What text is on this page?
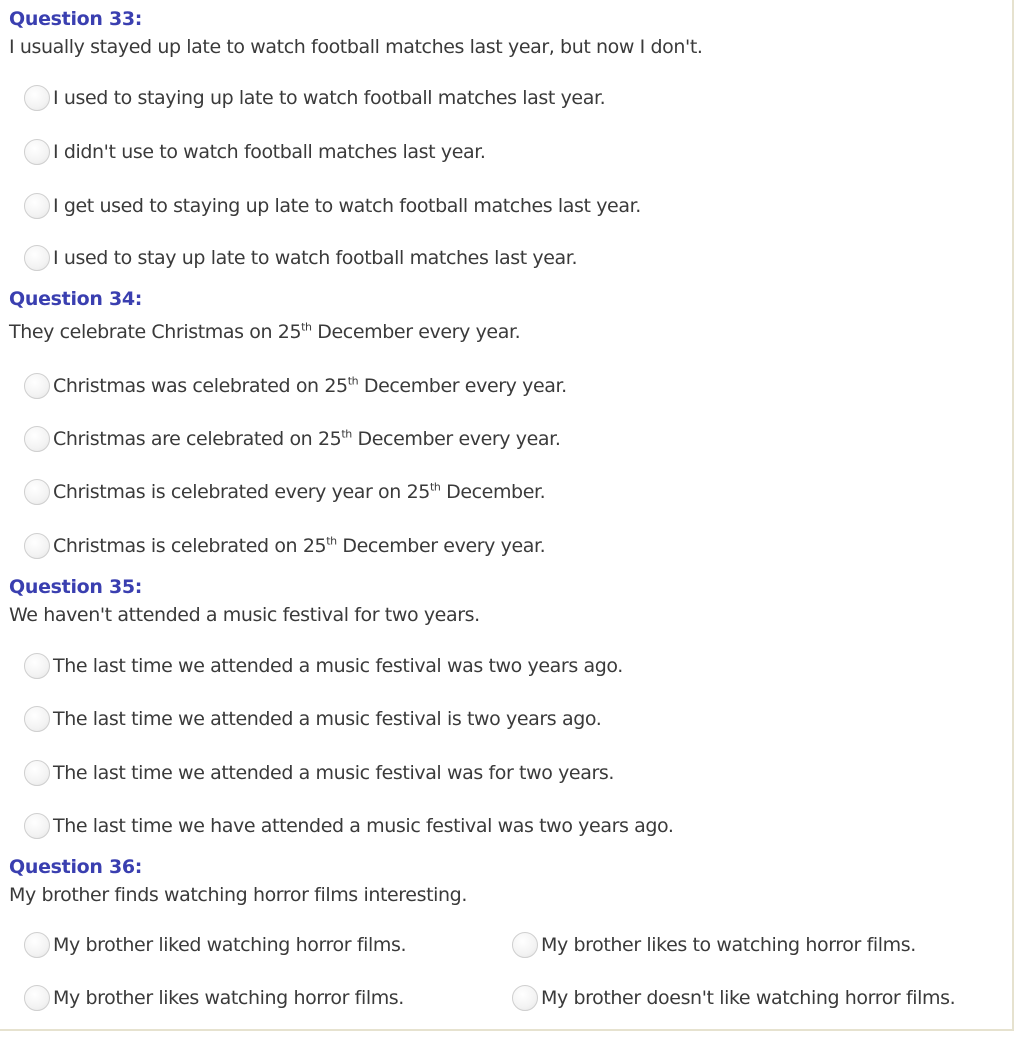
Question 33:
I usually stayed up late to watch football matches last year, but now I don't.
I used to staying up late to watch football matches last year.
I didn't use to watch football matches last year.
I get used to staying up late to watch football matches last year.
I used to stay up late to watch football matches last year.
Question 34:
They celebrate Christmas on 25th December every year.
Christmas was celebrated on 25th December every year.
Christmas are celebrated on 25th December every year.
Christmas is celebrated every year on 25th December.
Christmas is celebrated on 25th December every year.
Question 35:
We haven't attended a music festival for two years.
The last time we attended a music festival was two years ago.
The last time we attended a music festival is two years ago.
The last time we attended a music festival was for two years.
The last time we have attended a music festival was two years ago.
Question 36:
My brother finds watching horror films interesting.
My brother liked watching horror films.	My brother likes to watching horror films.
My brother likes watching horror films.	My brother doesn't like watching horror films.
